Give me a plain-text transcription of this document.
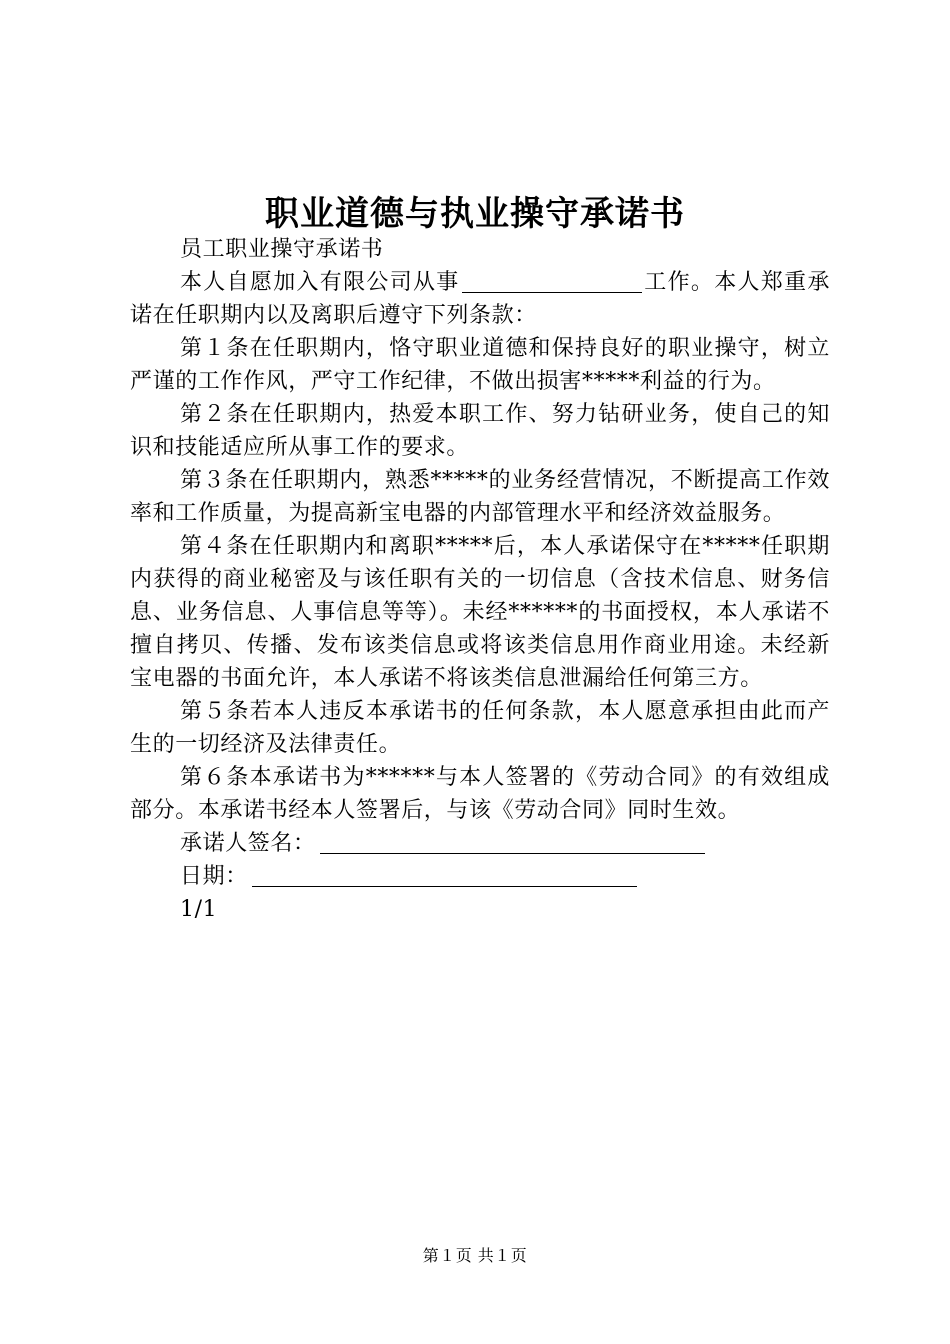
职业道德与执业操守承诺书

员工职业操守承诺书

本人自愿加入有限公司从事	工作。本人郑重承诺在任职期内以及离职后遵守下列条款：

第１条在任职期内，恪守职业道德和保持良好的职业操守，树立严谨的工作作风，严守工作纪律，不做出损害*****利益的行为。

第２条在任职期内，热爱本职工作、努力钻研业务，使自己的知识和技能适应所从事工作的要求。

第３条在任职期内，熟悉*****的业务经营情况，不断提高工作效率和工作质量，为提高新宝电器的内部管理水平和经济效益服务。

第４条在任职期内和离职*****后，本人承诺保守在*****任职期内获得的商业秘密及与该任职有关的一切信息（含技术信息、财务信息、业务信息、人事信息等等）。未经******的书面授权，本人承诺不擅自拷贝、传播、发布该类信息或将该类信息用作商业用途。未经新宝电器的书面允许，本人承诺不将该类信息泄漏给任何第三方。

第５条若本人违反本承诺书的任何条款，本人愿意承担由此而产生的一切经济及法律责任。

第６条本承诺书为******与本人签署的《劳动合同》的有效组成部分。本承诺书经本人签署后，与该《劳动合同》同时生效。

承诺人签名：

日期：

1/1

第１页 共１页
